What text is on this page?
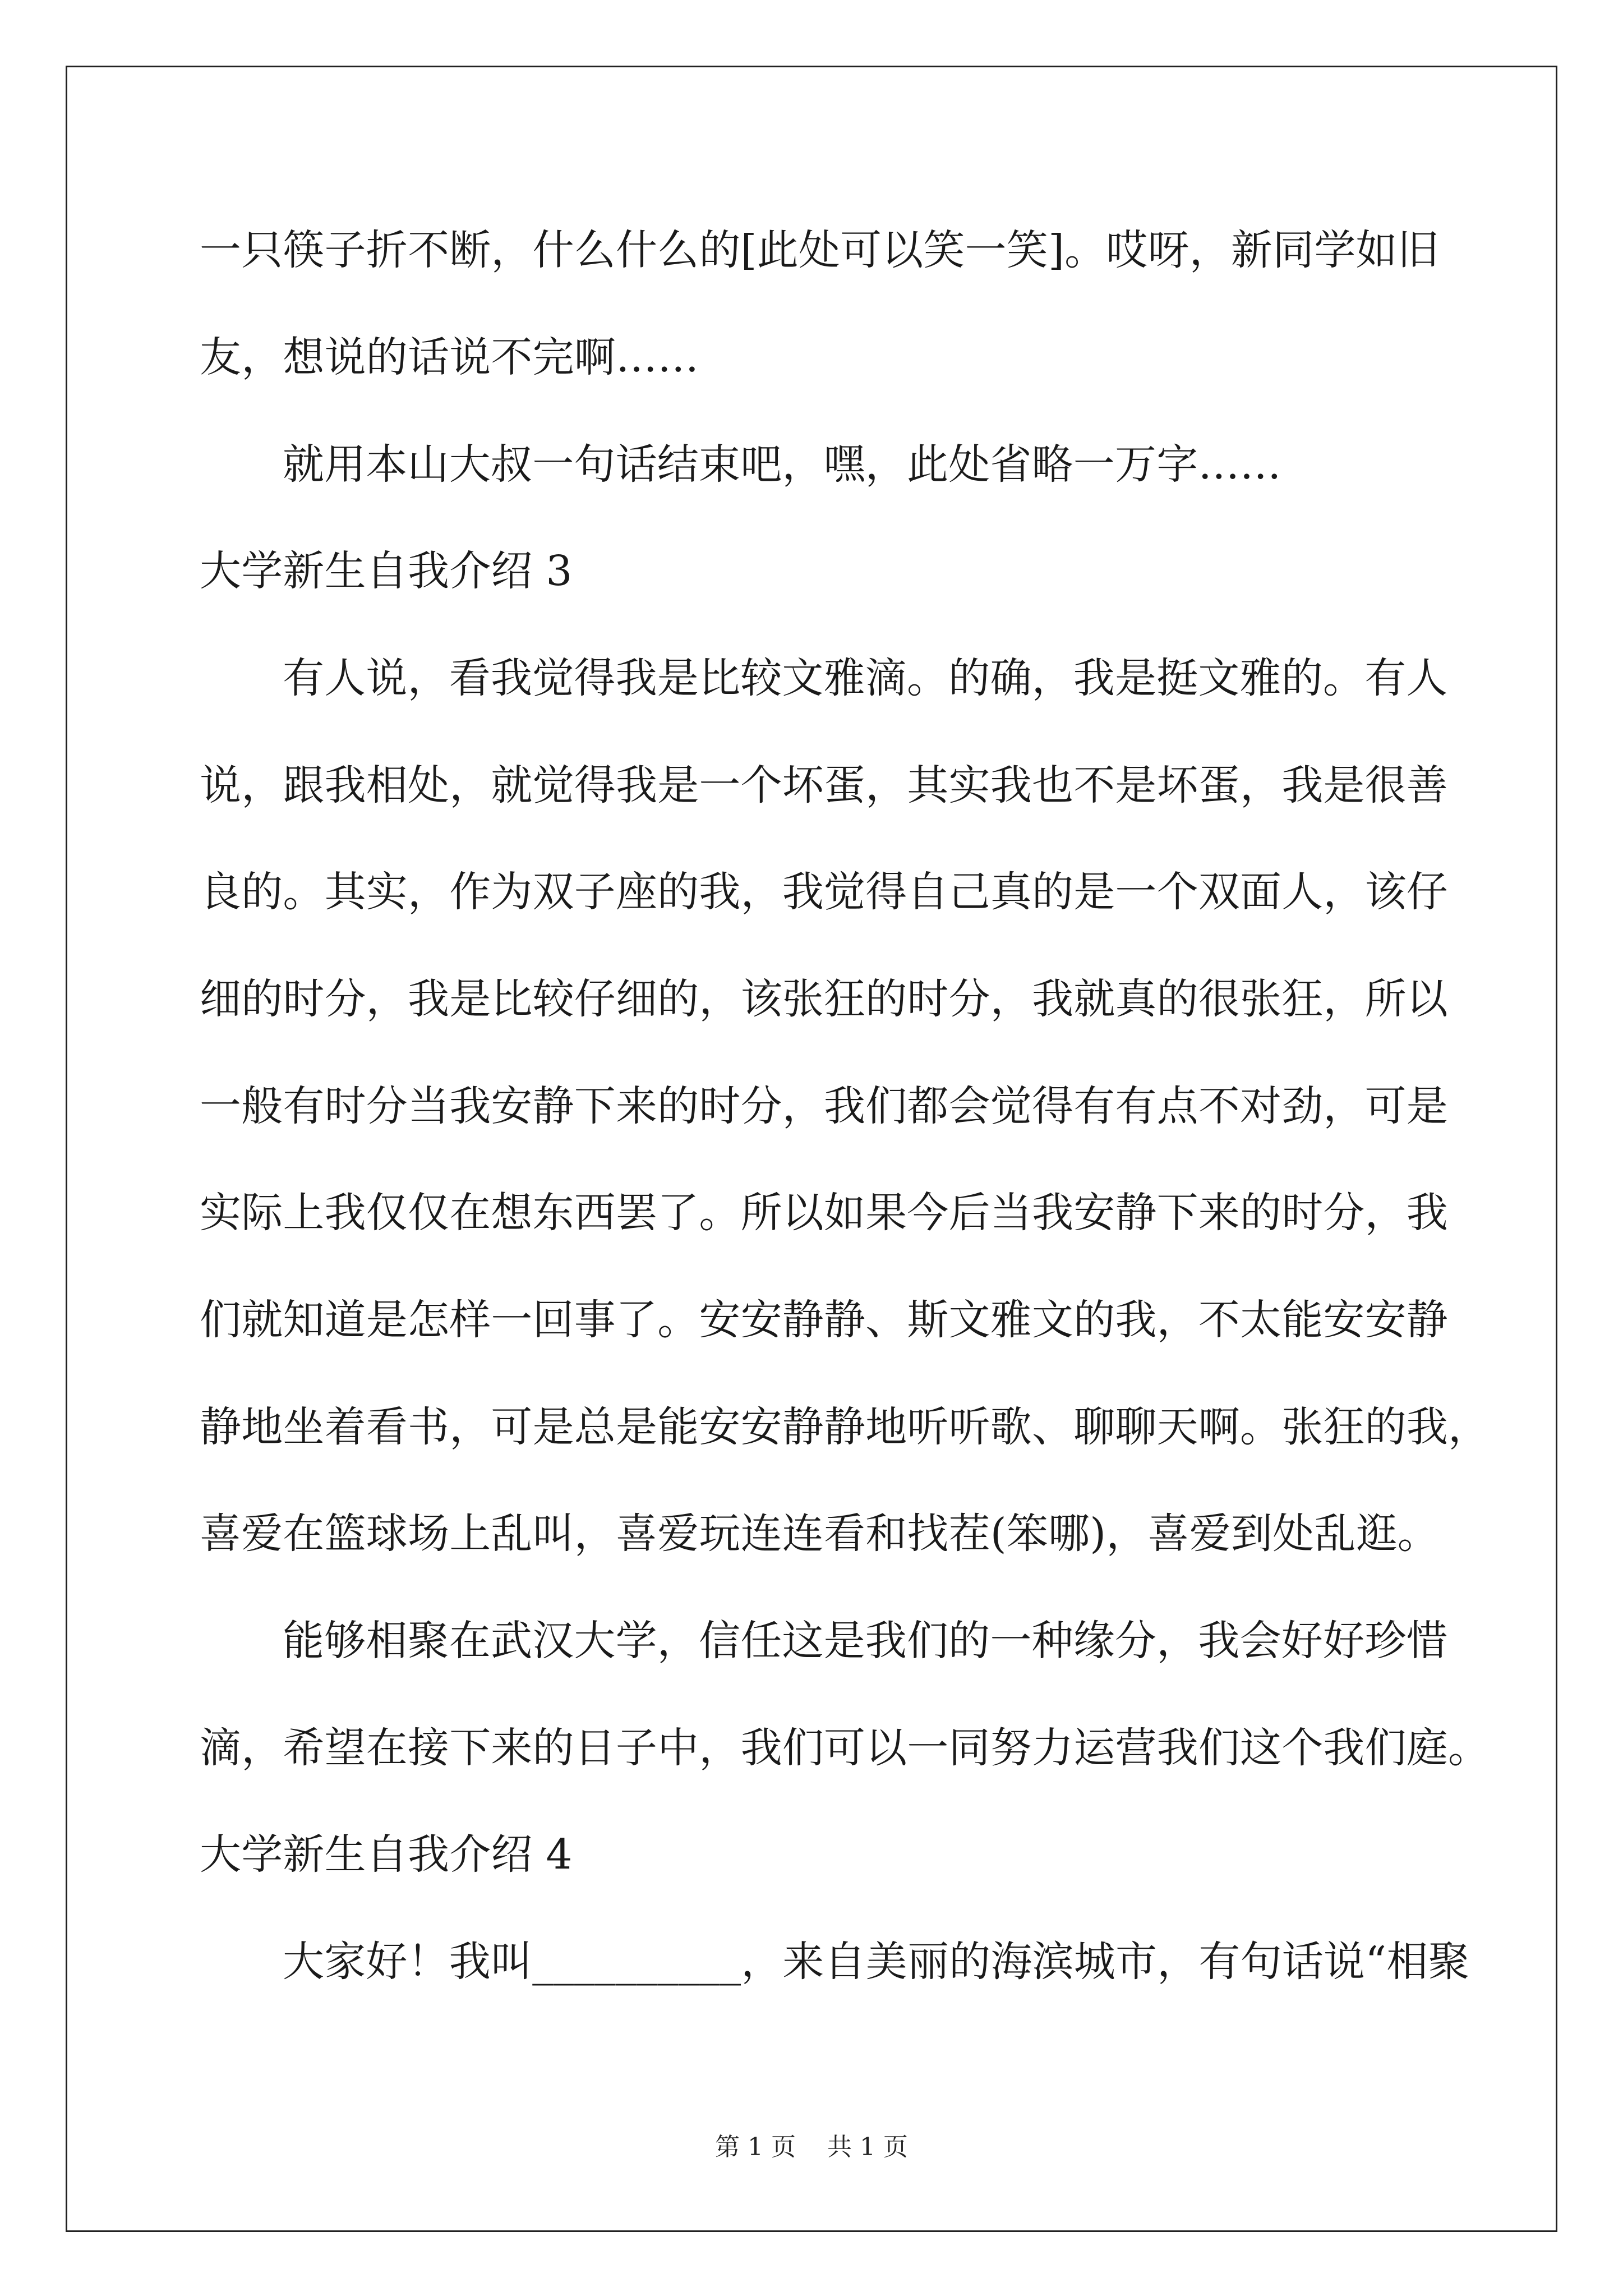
一只筷子折不断，什么什么的[此处可以笑一笑]。哎呀，新同学如旧
友，想说的话说不完啊……
就用本山大叔一句话结束吧，嘿，此处省略一万字……
大学新生自我介绍 3
有人说，看我觉得我是比较文雅滴。的确，我是挺文雅的。有人
说，跟我相处，就觉得我是一个坏蛋，其实我也不是坏蛋，我是很善
良的。其实，作为双子座的我，我觉得自己真的是一个双面人，该仔
细的时分，我是比较仔细的，该张狂的时分，我就真的很张狂，所以
一般有时分当我安静下来的时分，我们都会觉得有有点不对劲，可是
实际上我仅仅在想东西罢了。所以如果今后当我安静下来的时分，我
们就知道是怎样一回事了。安安静静、斯文雅文的我，不太能安安静
静地坐着看书，可是总是能安安静静地听听歌、聊聊天啊。张狂的我，
喜爱在篮球场上乱叫，喜爱玩连连看和找茬(笨哪)，喜爱到处乱逛。
能够相聚在武汉大学，信任这是我们的一种缘分，我会好好珍惜
滴，希望在接下来的日子中，我们可以一同努力运营我们这个我们庭。
大学新生自我介绍 4
大家好！我叫__________，来自美丽的海滨城市，有句话说“相聚
第 1 页    共 1 页
